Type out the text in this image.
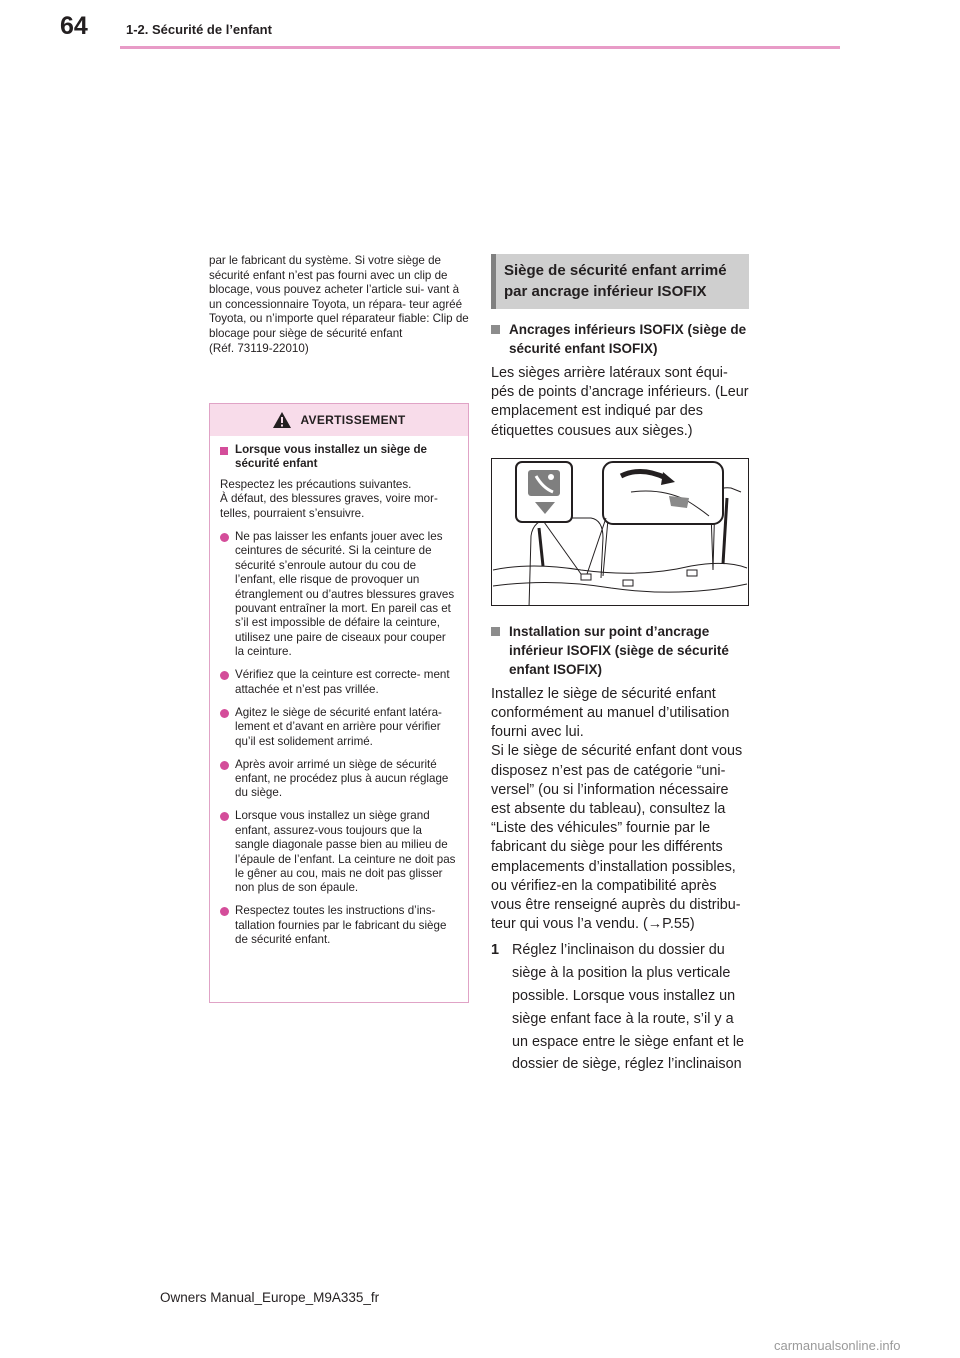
64	1-2. Sécurité de l’enfant

par le fabricant du système. Si votre siège de sécurité enfant n’est pas fourni avec un clip de blocage, vous pouvez acheter l’article sui- vant à un concessionnaire Toyota, un répara- teur agréé Toyota, ou n’importe quel réparateur fiable: Clip de blocage pour siège de sécurité enfant
(Réf. 73119-22010)

AVERTISSEMENT
Lorsque vous installez un siège de sécurité enfant
Respectez les précautions suivantes.
À défaut, des blessures graves, voire mor- telles, pourraient s’ensuivre.
Ne pas laisser les enfants jouer avec les ceintures de sécurité. Si la ceinture de sécurité s’enroule autour du cou de l’enfant, elle risque de provoquer un étranglement ou d’autres blessures graves pouvant entraîner la mort. En pareil cas et s’il est impossible de défaire la ceinture, utilisez une paire de ciseaux pour couper la ceinture.
Vérifiez que la ceinture est correcte- ment attachée et n’est pas vrillée.
Agitez le siège de sécurité enfant latéra- lement et d’avant en arrière pour vérifier qu’il est solidement arrimé.
Après avoir arrimé un siège de sécurité enfant, ne procédez plus à aucun réglage du siège.
Lorsque vous installez un siège grand enfant, assurez-vous toujours que la sangle diagonale passe bien au milieu de l’épaule de l’enfant. La ceinture ne doit pas le gêner au cou, mais ne doit pas glisser non plus de son épaule.
Respectez toutes les instructions d’ins- tallation fournies par le fabricant du siège de sécurité enfant.
Siège de sécurité enfant arrimé par ancrage inférieur ISOFIX
Ancrages inférieurs ISOFIX (siège de sécurité enfant ISOFIX)

Les sièges arrière latéraux sont équi- pés de points d’ancrage inférieurs. (Leur emplacement est indiqué par des étiquettes cousues aux sièges.)

Installation sur point d’ancrage inférieur ISOFIX (siège de sécurité enfant ISOFIX)

Installez le siège de sécurité enfant conformément au manuel d’utilisation fourni avec lui.
Si le siège de sécurité enfant dont vous disposez n’est pas de catégorie “uni- versel” (ou si l’information nécessaire est absente du tableau), consultez la “Liste des véhicules” fournie par le fabricant du siège pour les différents emplacements d’installation possibles, ou vérifiez-en la compatibilité après vous être renseigné auprès du distribu- teur qui vous l’a vendu. (→P.55)

1 Réglez l’inclinaison du dossier du siège à la position la plus verticale possible. Lorsque vous installez un siège enfant face à la route, s’il y a un espace entre le siège enfant et le dossier de siège, réglez l’inclinaison
Owners Manual_Europe_M9A335_fr
carmanualsonline.info
